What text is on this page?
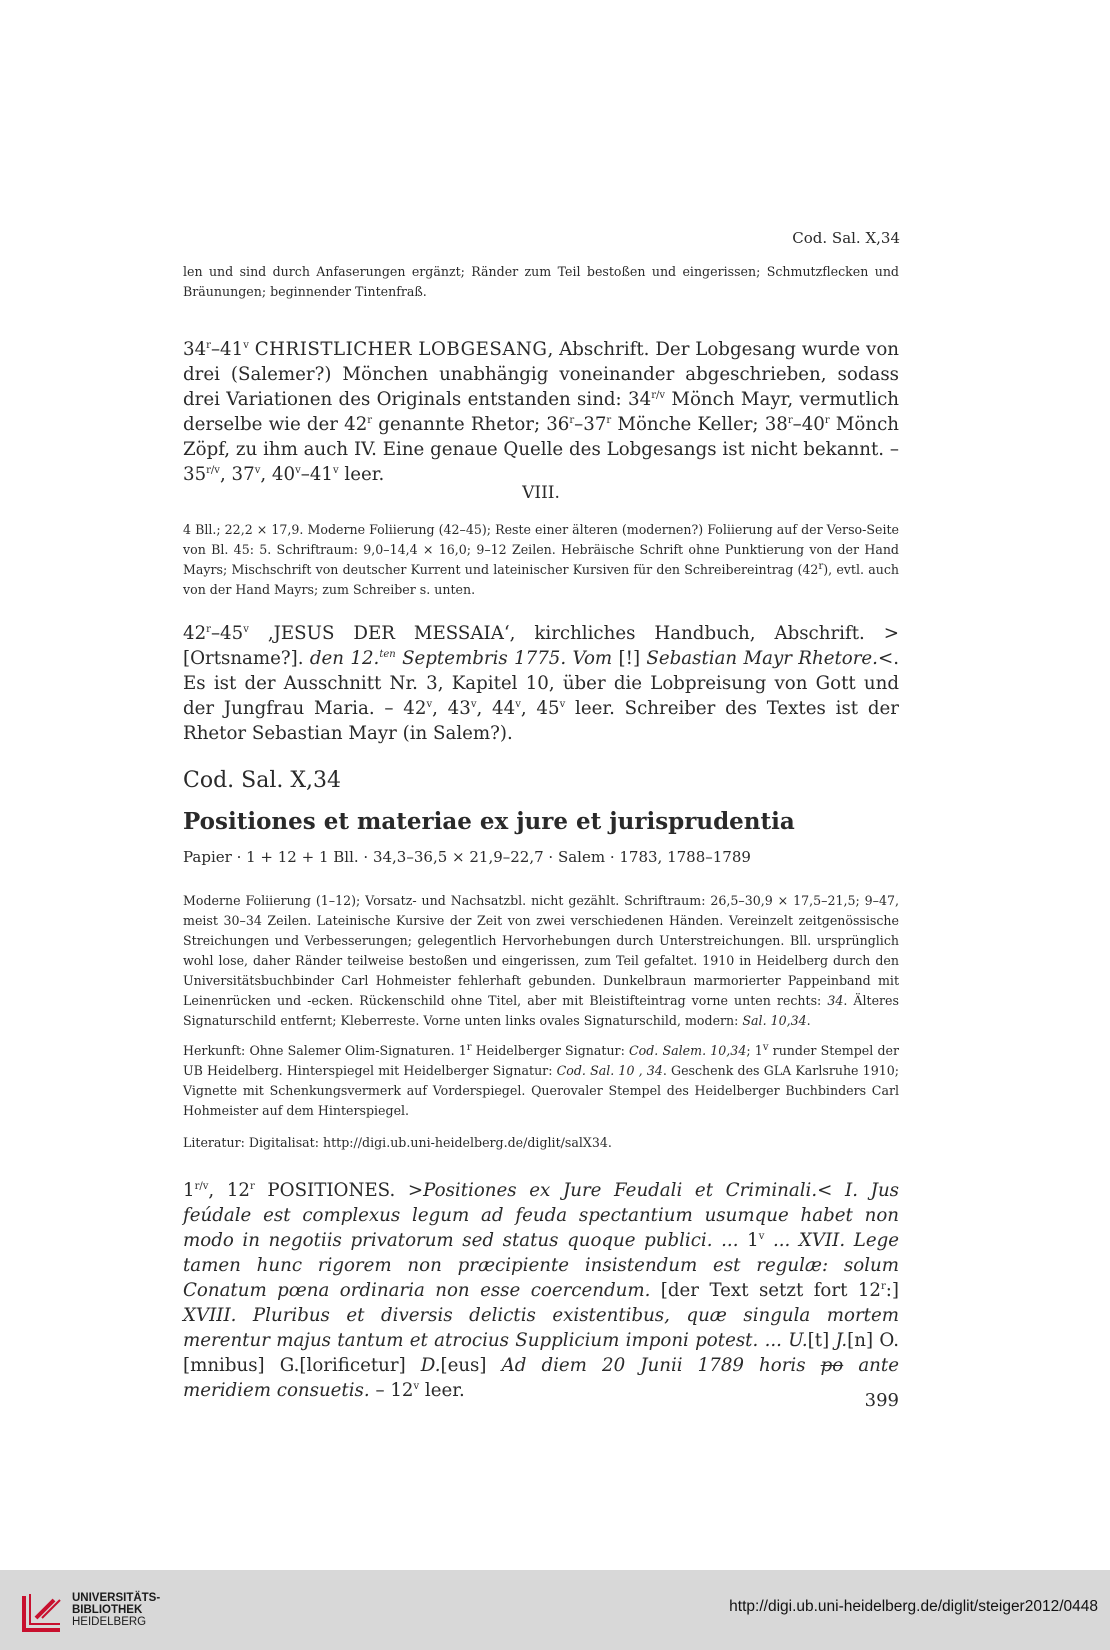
Cod. Sal. X,34

len und sind durch Anfaserungen ergänzt; Ränder zum Teil bestoßen und eingerissen; Schmutzflecken und Bräunungen; beginnender Tintenfraß.

34$^r$–41$^v$ CHRISTLICHER LOBGESANG, Abschrift. Der Lobgesang wurde von drei (Salemer?) Mönchen unabhängig voneinander abgeschrieben, sodass drei Variationen des Originals entstanden sind: $34^{r/v}$ Mönch Mayr, vermutlich derselbe wie der 42$^r$ genannte Rhetor; 36$^r$–37$^r$ Mönche Keller; 38$^r$–40$^r$ Mönch Zöpf, zu ihm auch IV. Eine genaue Quelle des Lobgesangs ist nicht bekannt. – $35^{r/v}$, 37$^v$, 40$^v$–41$^v$ leer.

VIII.

4 Bll.; 22,2 × 17,9. Moderne Foliierung (42–45); Reste einer älteren (modernen?) Foliierung auf der Verso-Seite von Bl. 45: 5. Schriftraum: 9,0–14,4 × 16,0; 9–12 Zeilen. Hebräische Schrift ohne Punktierung von der Hand Mayrs; Mischschrift von deutscher Kurrent und lateinischer Kursiven für den Schreibereintrag (42$^r$), evtl. auch von der Hand Mayrs; zum Schreiber s. unten.

42$^r$–45$^v$ ‚JESUS DER MESSAIA‘, kirchliches Handbuch, Abschrift. >[Ortsname?]. den 12.$^{ten}$ Septembris 1775. Vom [!] Sebastian Mayr Rhetore.<. Es ist der Ausschnitt Nr. 3, Kapitel 10, über die Lobpreisung von Gott und der Jungfrau Maria. – 42$^v$, 43$^v$, 44$^v$, 45$^v$ leer. Schreiber des Textes ist der Rhetor Sebastian Mayr (in Salem?).

Cod. Sal. X,34
Positiones et materiae ex jure et jurisprudentia
Papier · 1 + 12 + 1 Bll. · 34,3–36,5 × 21,9–22,7 · Salem · 1783, 1788–1789

Moderne Foliierung (1–12); Vorsatz- und Nachsatzbl. nicht gezählt. Schriftraum: 26,5–30,9 × 17,5–21,5; 9–47, meist 30–34 Zeilen. Lateinische Kursive der Zeit von zwei verschiedenen Händen. Vereinzelt zeitgenössische Streichungen und Verbesserungen; gelegentlich Hervorhebungen durch Unterstreichungen. Bll. ursprünglich wohl lose, daher Ränder teilweise bestoßen und eingerissen, zum Teil gefaltet. 1910 in Heidelberg durch den Universitätsbuchbinder Carl Hohmeister fehlerhaft gebunden. Dunkelbraun marmorierter Pappeinband mit Leinenrücken und -ecken. Rückenschild ohne Titel, aber mit Bleistifteintrag vorne unten rechts: 34. Älteres Signaturschild entfernt; Kleberreste. Vorne unten links ovales Signaturschild, modern: Sal. 10,34.

Herkunft: Ohne Salemer Olim-Signaturen. 1$^r$ Heidelberger Signatur: Cod. Salem. 10,34; 1$^v$ runder Stempel der UB Heidelberg. Hinterspiegel mit Heidelberger Signatur: Cod. Sal. 10 , 34. Geschenk des GLA Karlsruhe 1910; Vignette mit Schenkungsvermerk auf Vorderspiegel. Querovaler Stempel des Heidelberger Buchbinders Carl Hohmeister auf dem Hinterspiegel.

Literatur: Digitalisat: http://digi.ub.uni-heidelberg.de/diglit/salX34.

$1^{r/v}$, 12$^r$ POSITIONES. >Positiones ex Jure Feudali et Criminali.< I. Jus feúdale est complexus legum ad feuda spectantium usumque habet non modo in negotiis privatorum sed status quoque publici. ... 1$^v$ ... XVII. Lege tamen hunc rigorem non præcipiente insistendum est regulæ: solum Conatum pœna ordinaria non esse coercendum. [der Text setzt fort 12$^r$:] XVIII. Pluribus et diversis delictis existentibus, quæ singula mortem merentur majus tantum et atrocius Supplicium imponi potest. ... U.[t] J.[n] O.[mnibus] G.[lorificetur] D.[eus] Ad diem 20 Junii 1789 horis po ante meridiem consuetis. – 12$^v$ leer.	399
UNIVERSITÄTS-
BIBLIOTHEK
HEIDELBERG
http://digi.ub.uni-heidelberg.de/diglit/steiger2012/0448
